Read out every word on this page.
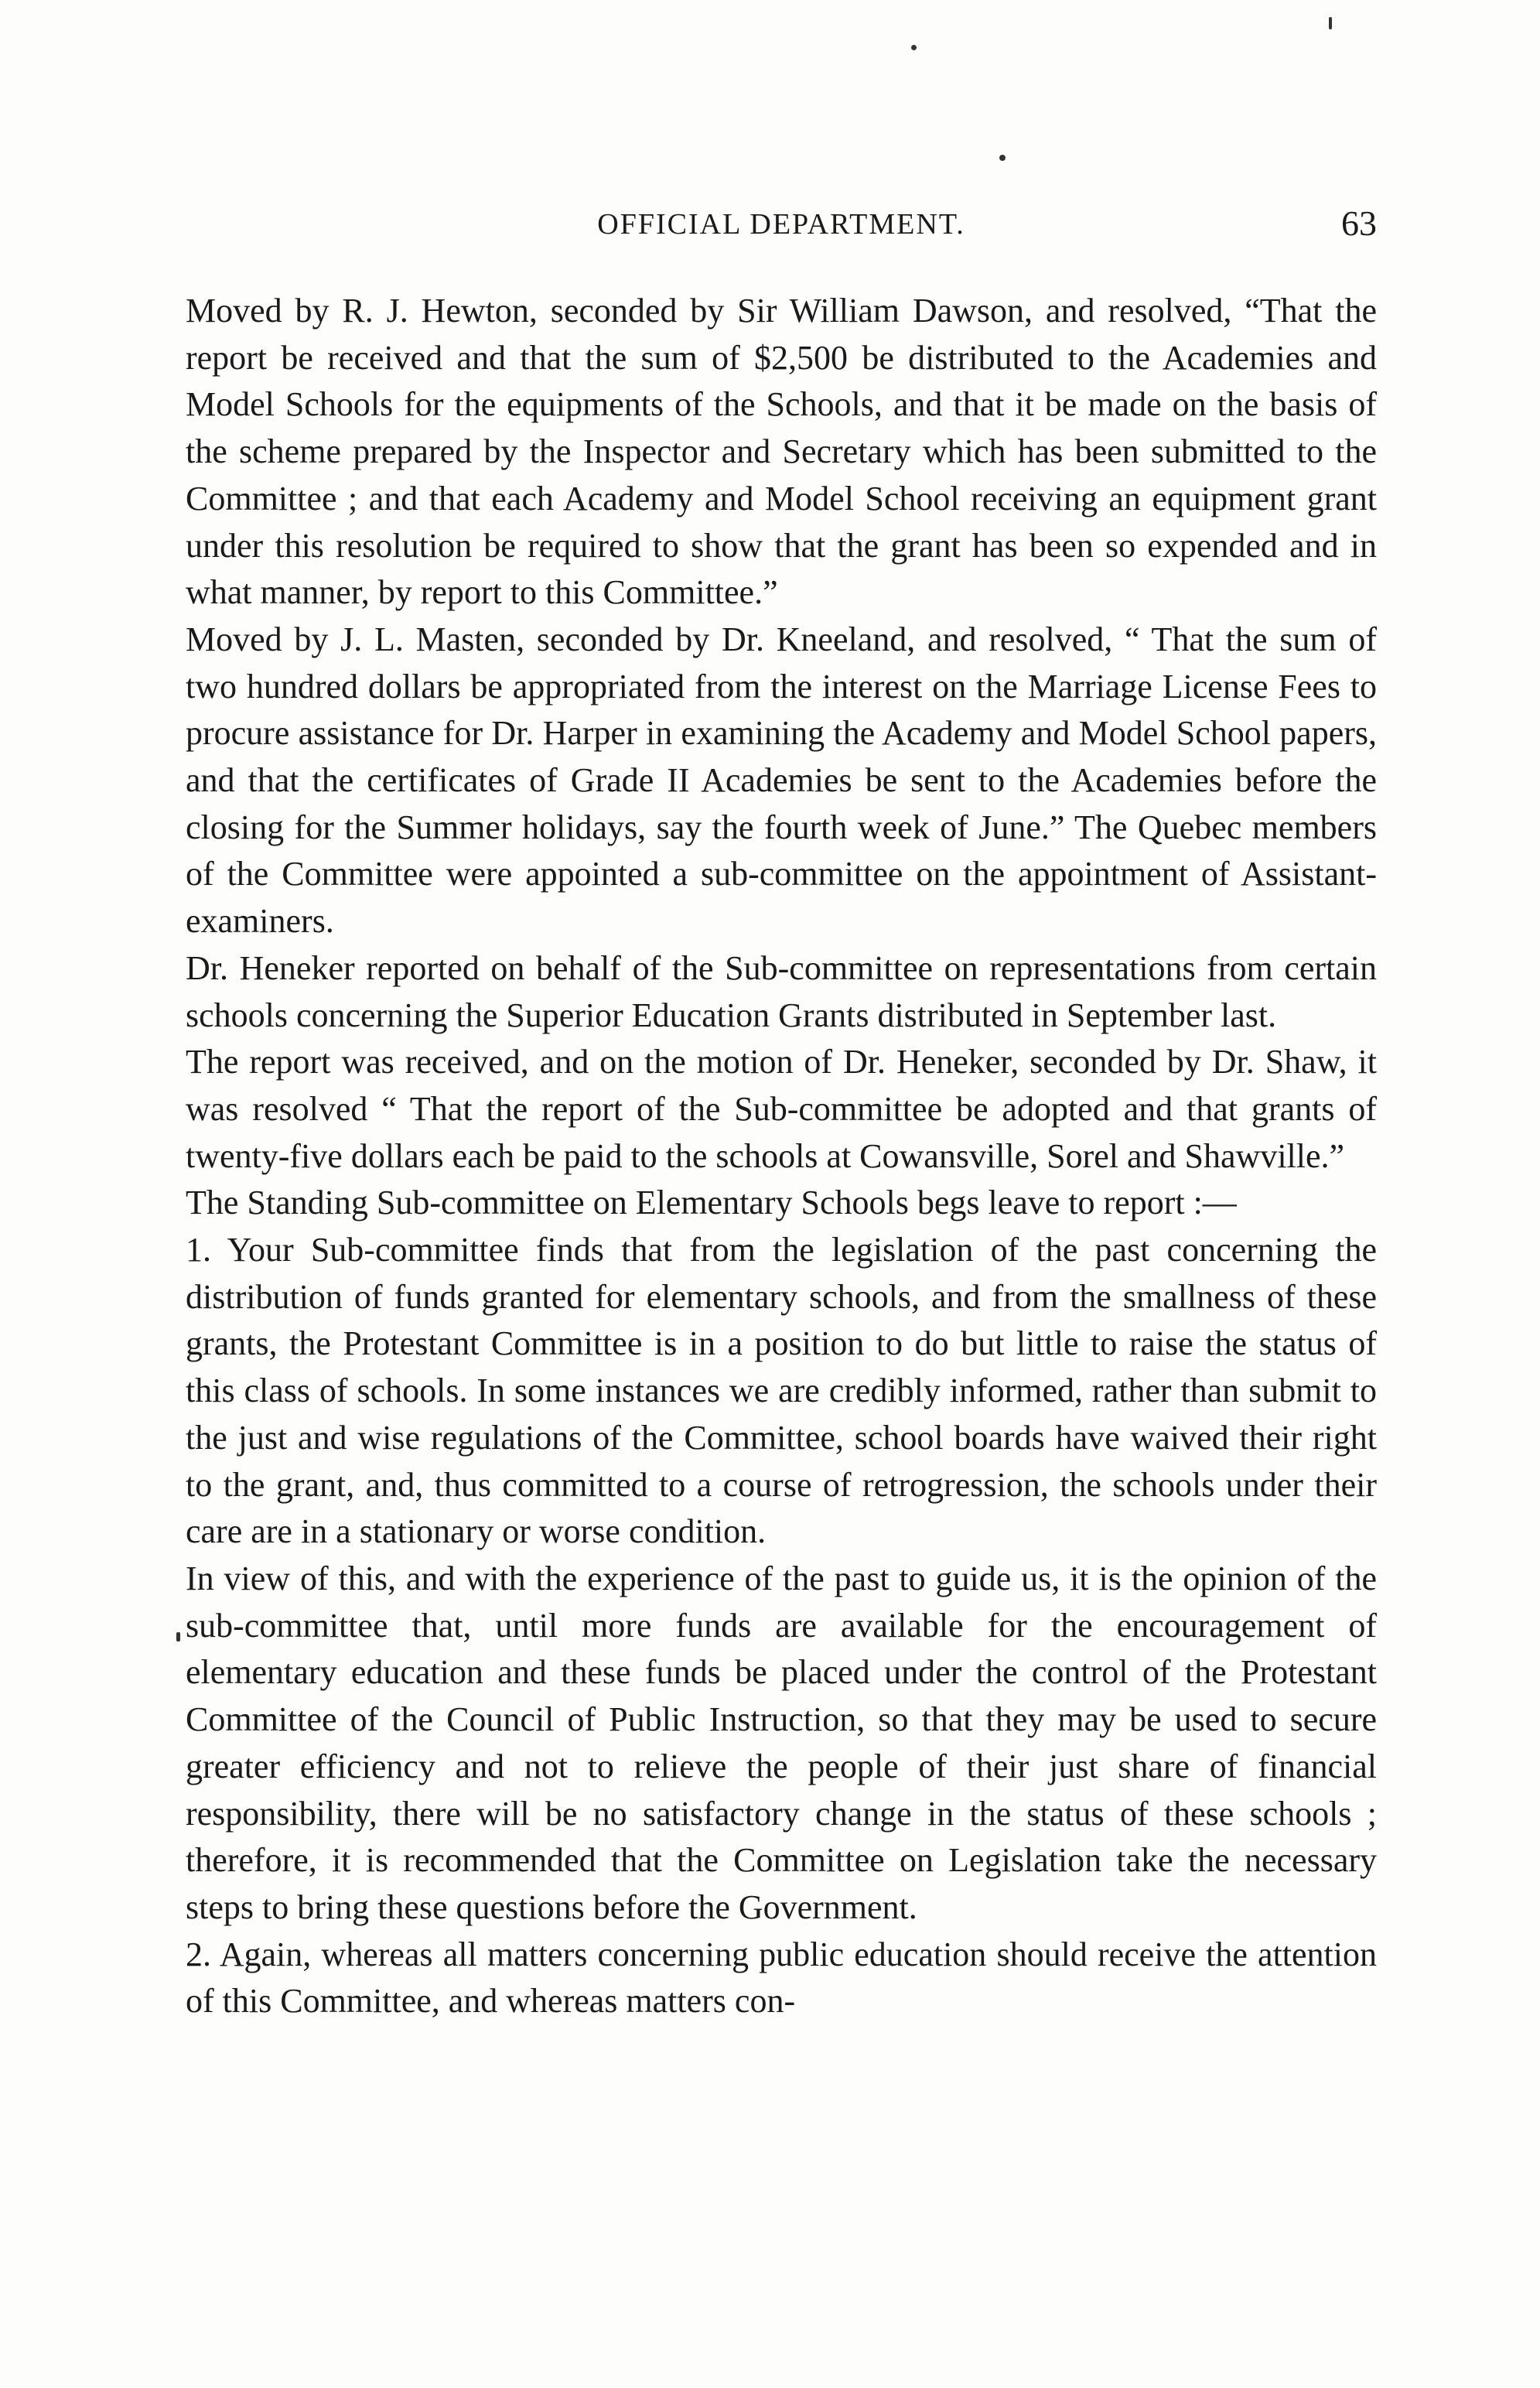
OFFICIAL DEPARTMENT.	63

Moved by R. J. Hewton, seconded by Sir William Dawson, and resolved, “That the report be received and that the sum of $2,500 be distributed to the Academies and Model Schools for the equipments of the Schools, and that it be made on the basis of the scheme prepared by the Inspector and Secretary which has been submitted to the Committee ; and that each Academy and Model School receiving an equipment grant under this resolution be required to show that the grant has been so expended and in what manner, by report to this Committee.”

Moved by J. L. Masten, seconded by Dr. Kneeland, and resolved, “ That the sum of two hundred dollars be appropriated from the interest on the Marriage License Fees to procure assistance for Dr. Harper in examining the Academy and Model School papers, and that the certificates of Grade II Academies be sent to the Academies before the closing for the Summer holidays, say the fourth week of June.” The Quebec members of the Committee were appointed a sub-committee on the appointment of Assistant-examiners.

Dr. Heneker reported on behalf of the Sub-committee on representations from certain schools concerning the Superior Education Grants distributed in September last.

The report was received, and on the motion of Dr. Heneker, seconded by Dr. Shaw, it was resolved “ That the report of the Sub-committee be adopted and that grants of twenty-five dollars each be paid to the schools at Cowansville, Sorel and Shawville.”

The Standing Sub-committee on Elementary Schools begs leave to report :—

1. Your Sub-committee finds that from the legislation of the past concerning the distribution of funds granted for elementary schools, and from the smallness of these grants, the Protestant Committee is in a position to do but little to raise the status of this class of schools. In some instances we are credibly informed, rather than submit to the just and wise regulations of the Committee, school boards have waived their right to the grant, and, thus committed to a course of retrogression, the schools under their care are in a stationary or worse condition.

In view of this, and with the experience of the past to guide us, it is the opinion of the sub-committee that, until more funds are available for the encouragement of elementary education and these funds be placed under the control of the Protestant Committee of the Council of Public Instruction, so that they may be used to secure greater efficiency and not to relieve the people of their just share of financial responsibility, there will be no satisfactory change in the status of these schools ; therefore, it is recommended that the Committee on Legislation take the necessary steps to bring these questions before the Government.

2. Again, whereas all matters concerning public education should receive the attention of this Committee, and whereas matters con-
